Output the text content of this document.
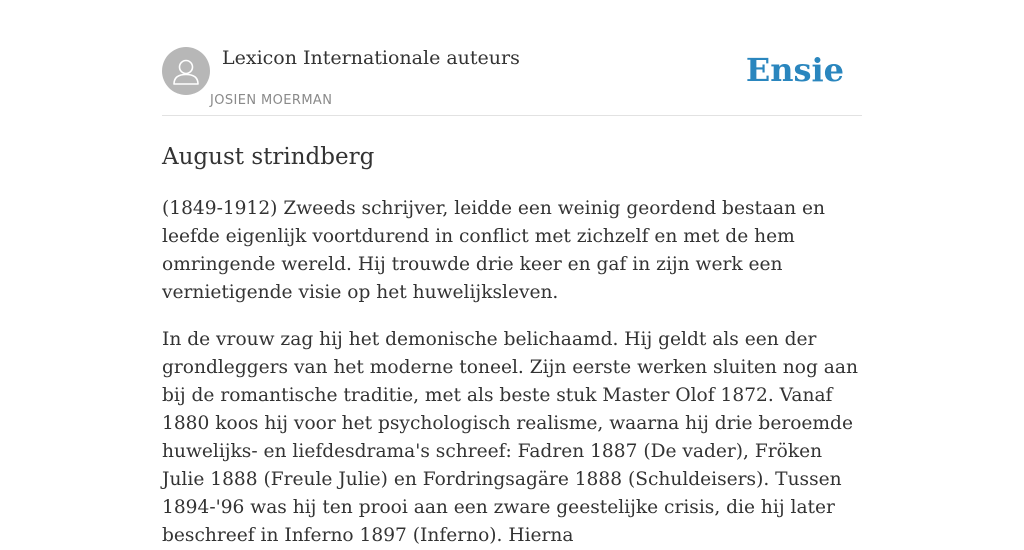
Lexicon Internationale auteurs
JOSIEN MOERMAN
Ensie
August strindberg

(1849-1912) Zweeds schrijver, leidde een weinig geordend bestaan en leefde eigenlijk voortdurend in conflict met zichzelf en met de hem omringende wereld. Hij trouwde drie keer en gaf in zijn werk een vernietigende visie op het huwelijksleven.

In de vrouw zag hij het demonische belichaamd. Hij geldt als een der grondleggers van het moderne toneel. Zijn eerste werken sluiten nog aan bij de romantische traditie, met als beste stuk Master Olof 1872. Vanaf 1880 koos hij voor het psychologisch realisme, waarna hij drie beroemde huwelijks- en liefdesdrama's schreef: Fadren 1887 (De vader), Fröken Julie 1888 (Freule Julie) en Fordringsagäre 1888 (Schuldeisers). Tussen 1894-'96 was hij ten prooi aan een zware geestelijke crisis, die hij later beschreef in Inferno 1897 (Inferno). Hierna
